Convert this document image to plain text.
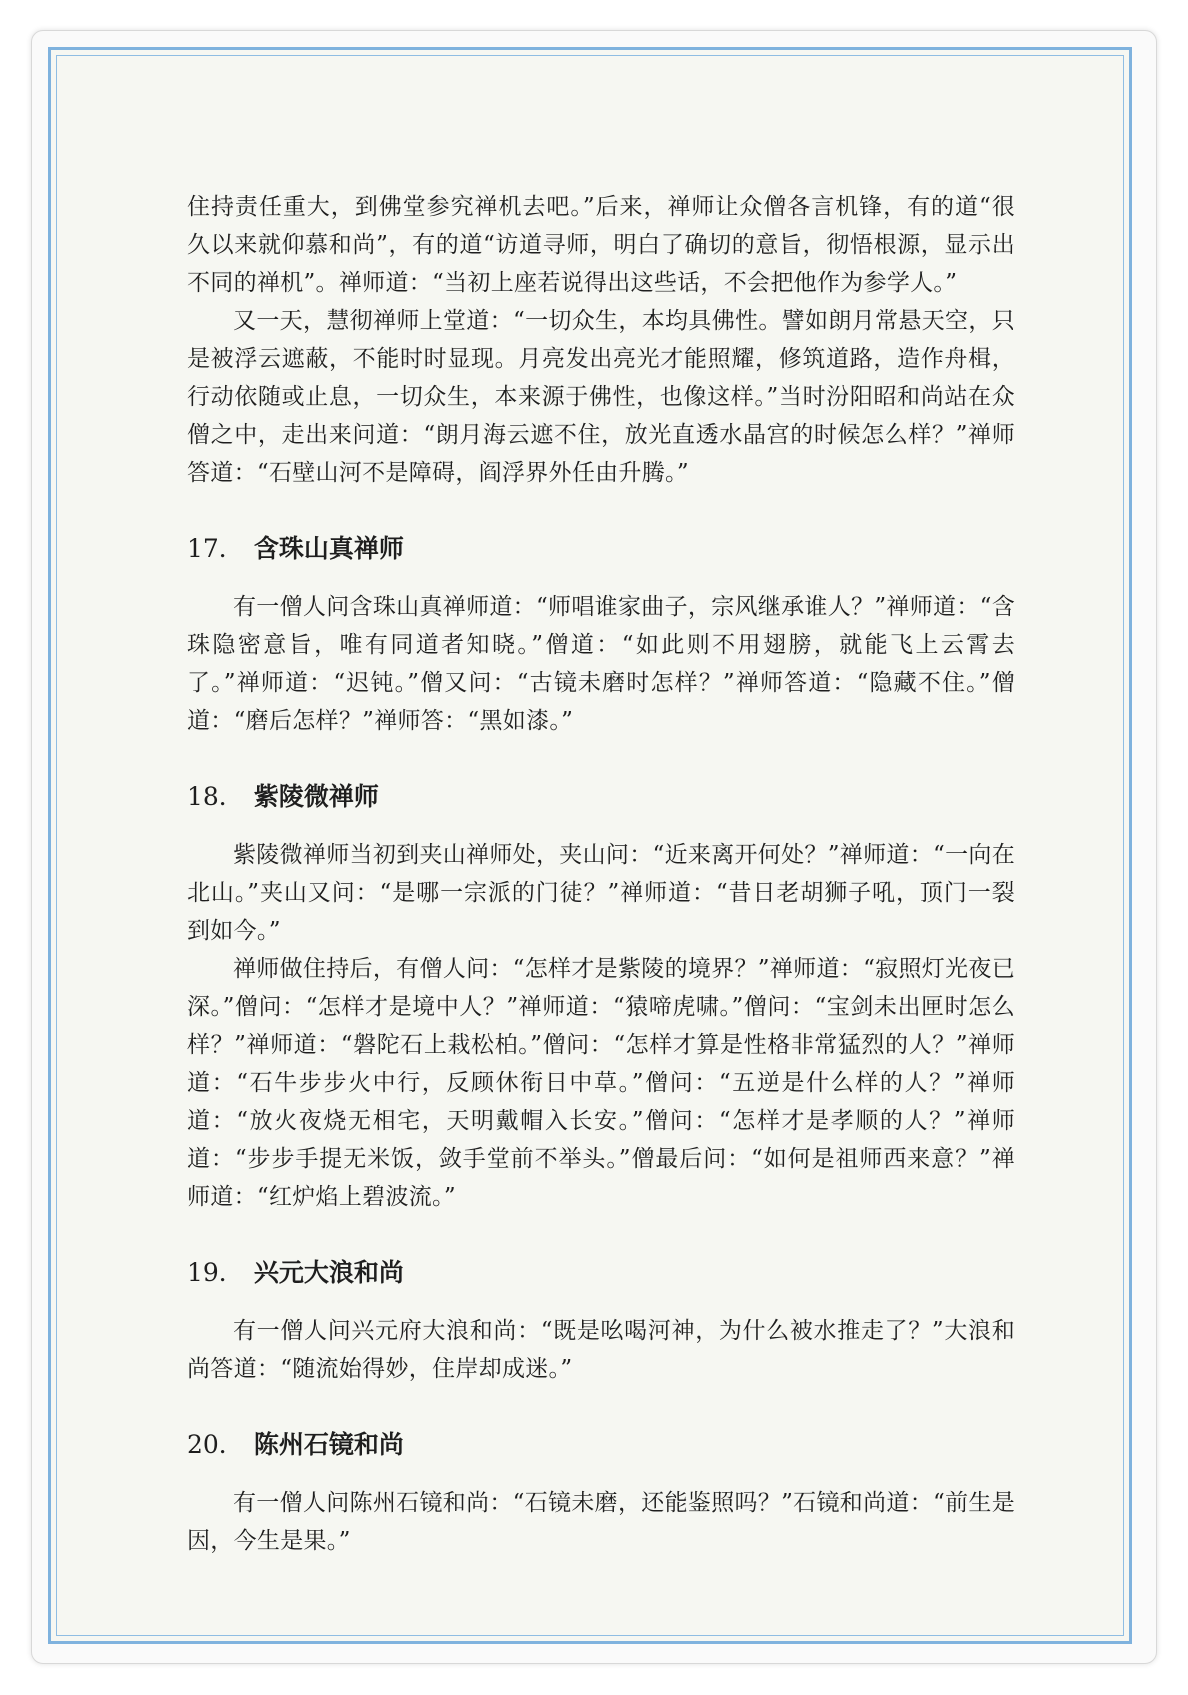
住持责任重大，到佛堂参究禅机去吧。”后来，禅师让众僧各言机锋，有的道“很久以来就仰慕和尚”，有的道“访道寻师，明白了确切的意旨，彻悟根源，显示出不同的禅机”。禅师道：“当初上座若说得出这些话，不会把他作为参学人。”

又一天，慧彻禅师上堂道：“一切众生，本均具佛性。譬如朗月常悬天空，只是被浮云遮蔽，不能时时显现。月亮发出亮光才能照耀，修筑道路，造作舟楫，行动依随或止息，一切众生，本来源于佛性，也像这样。”当时汾阳昭和尚站在众僧之中，走出来问道：“朗月海云遮不住，放光直透水晶宫的时候怎么样？”禅师答道：“石壁山河不是障碍，阎浮界外任由升腾。”

17． 含珠山真禅师

有一僧人问含珠山真禅师道：“师唱谁家曲子，宗风继承谁人？”禅师道：“含珠隐密意旨，唯有同道者知晓。”僧道：“如此则不用翅膀，就能飞上云霄去了。”禅师道：“迟钝。”僧又问：“古镜未磨时怎样？”禅师答道：“隐藏不住。”僧道：“磨后怎样？”禅师答：“黑如漆。”

18． 紫陵微禅师

紫陵微禅师当初到夹山禅师处，夹山问：“近来离开何处？”禅师道：“一向在北山。”夹山又问：“是哪一宗派的门徒？”禅师道：“昔日老胡狮子吼，顶门一裂到如今。”

禅师做住持后，有僧人问：“怎样才是紫陵的境界？”禅师道：“寂照灯光夜已深。”僧问：“怎样才是境中人？”禅师道：“猿啼虎啸。”僧问：“宝剑未出匣时怎么样？”禅师道：“磐陀石上栽松柏。”僧问：“怎样才算是性格非常猛烈的人？”禅师道：“石牛步步火中行，反顾休衔日中草。”僧问：“五逆是什么样的人？”禅师道：“放火夜烧无相宅，天明戴帽入长安。”僧问：“怎样才是孝顺的人？”禅师道：“步步手提无米饭，敛手堂前不举头。”僧最后问：“如何是祖师西来意？”禅师道：“红炉焰上碧波流。”

19． 兴元大浪和尚

有一僧人问兴元府大浪和尚：“既是吆喝河神，为什么被水推走了？”大浪和尚答道：“随流始得妙，住岸却成迷。”

20． 陈州石镜和尚

有一僧人问陈州石镜和尚：“石镜未磨，还能鉴照吗？”石镜和尚道：“前生是因，今生是果。”
